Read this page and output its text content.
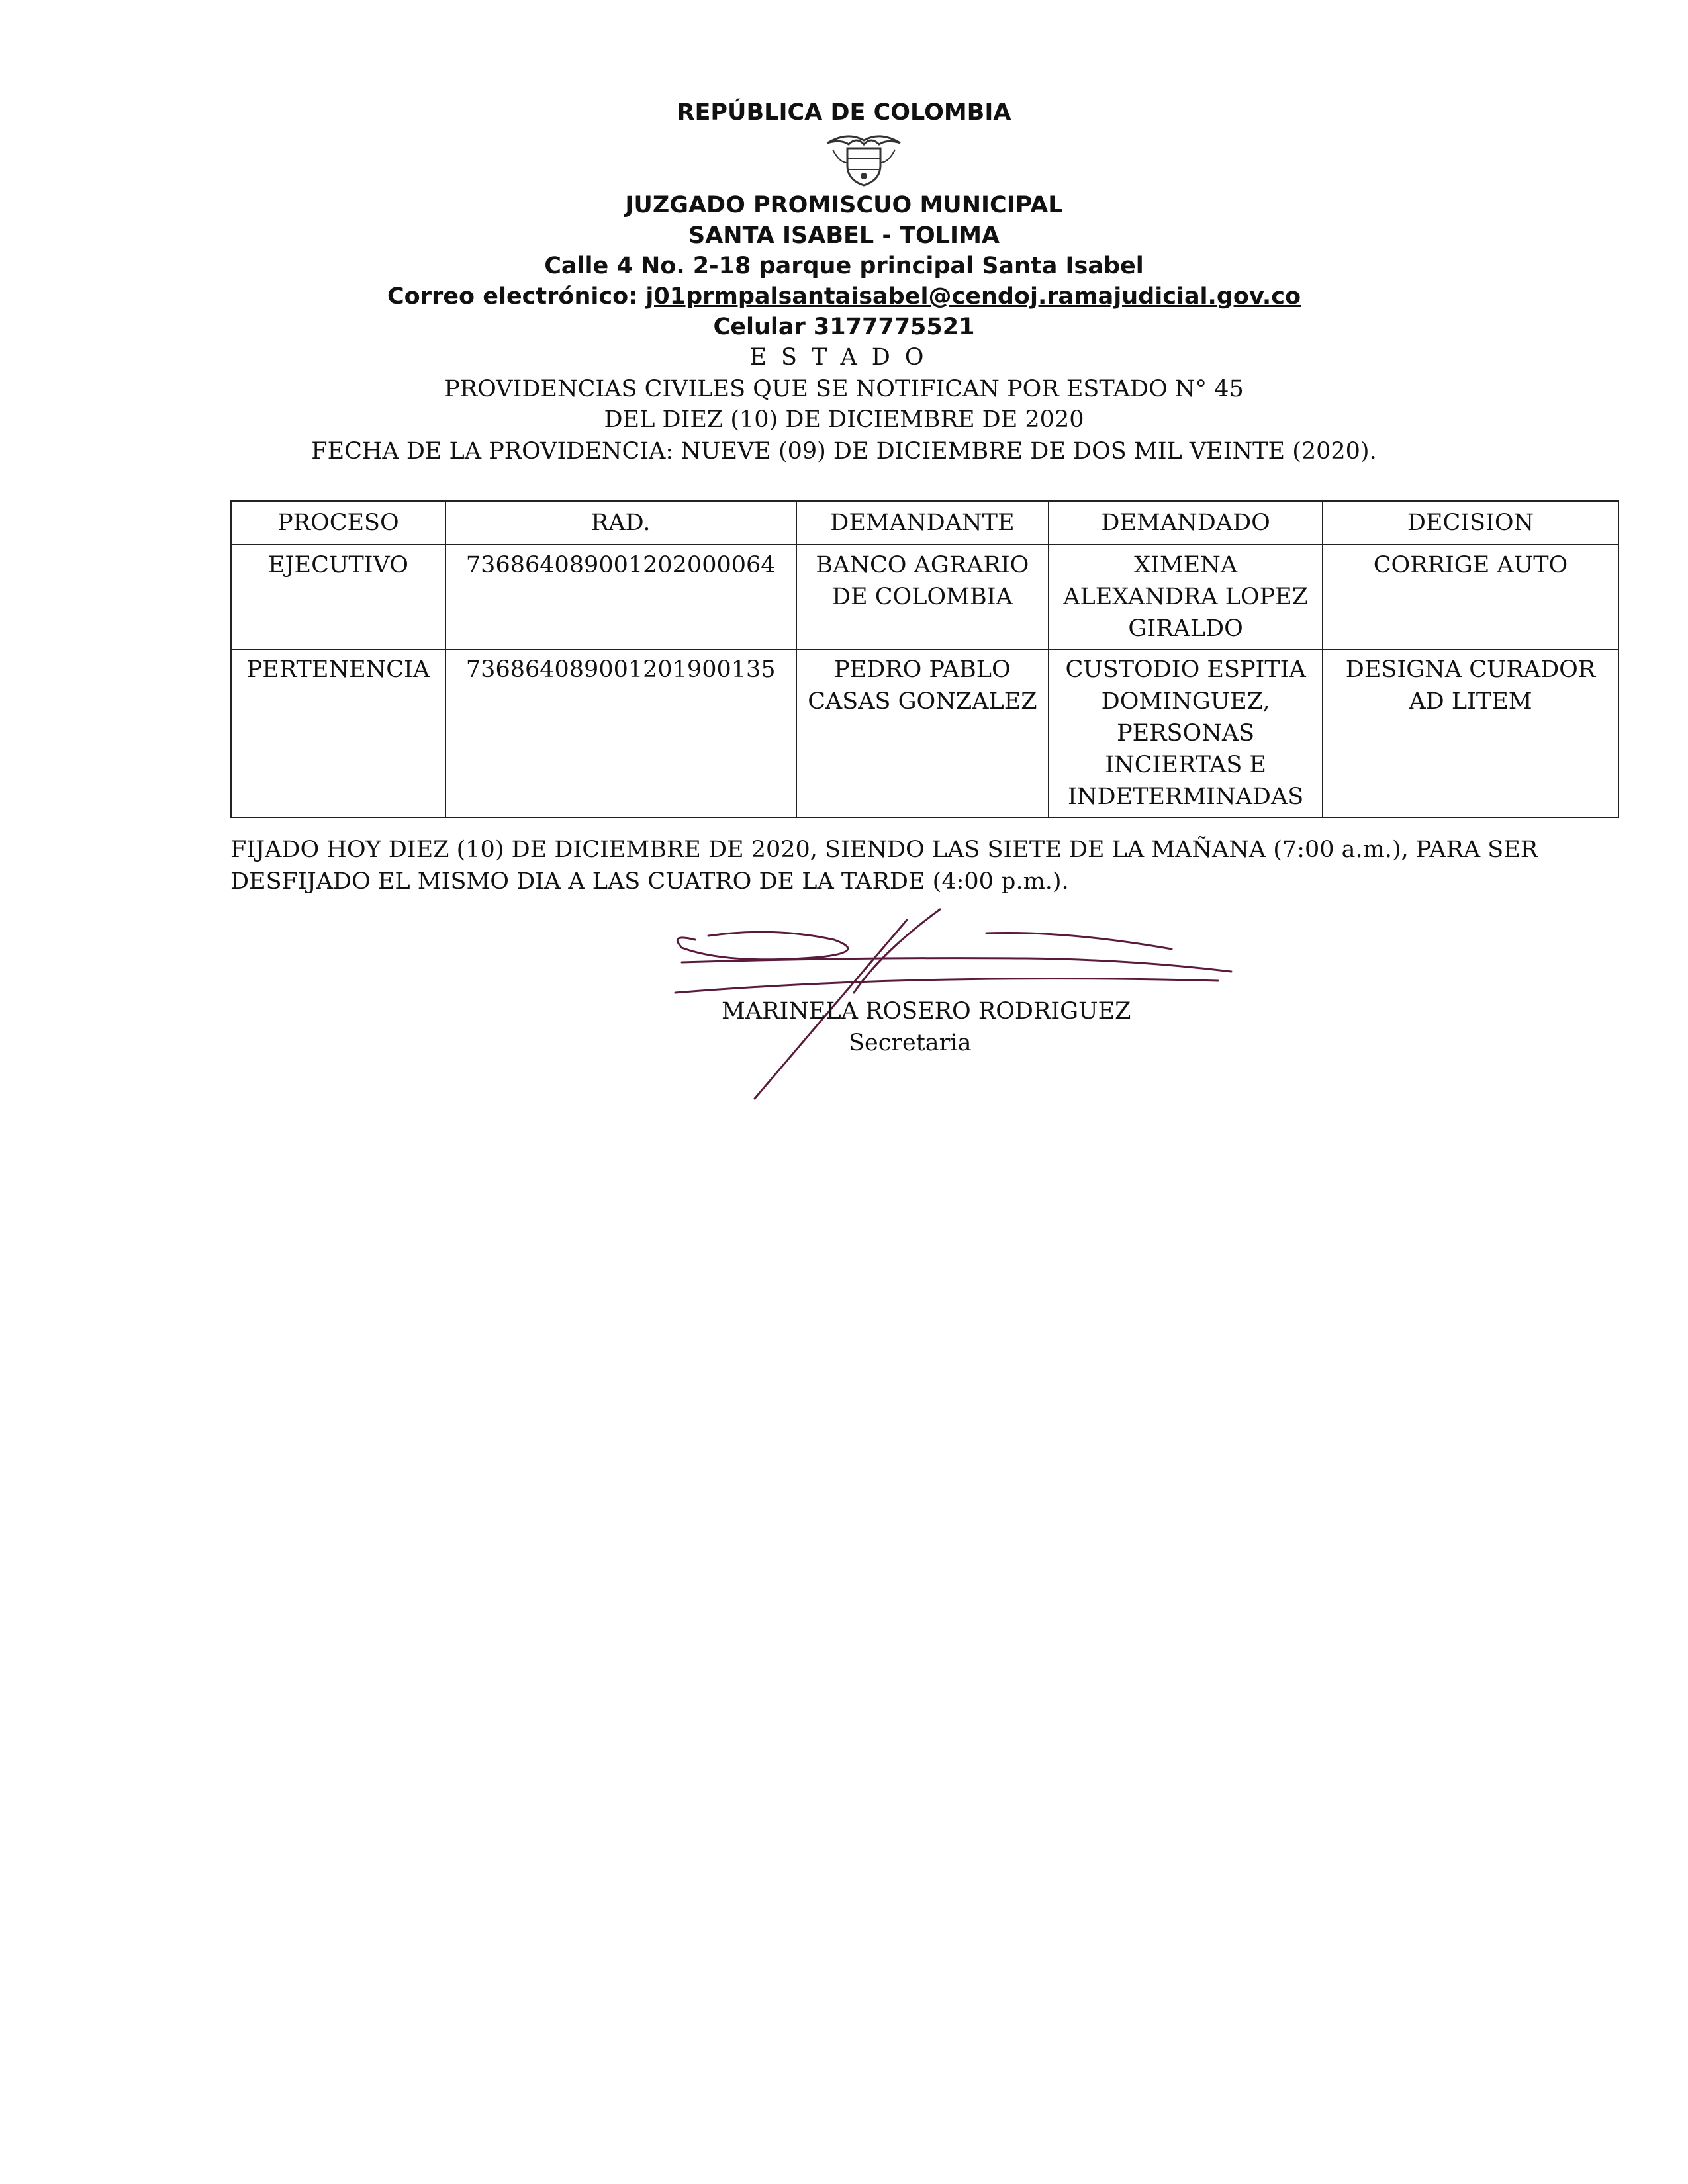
REPÚBLICA DE COLOMBIA
JUZGADO PROMISCUO MUNICIPAL
SANTA ISABEL - TOLIMA
Calle 4 No. 2-18 parque principal Santa Isabel
Correo electrónico: j01prmpalsantaisabel@cendoj.ramajudicial.gov.co
Celular 3177775521
ESTADO
PROVIDENCIAS CIVILES QUE SE NOTIFICAN POR ESTADO N° 45
DEL DIEZ (10) DE DICIEMBRE DE 2020
FECHA DE LA PROVIDENCIA: NUEVE (09) DE DICIEMBRE DE DOS MIL VEINTE (2020).
PROCESO	RAD.	DEMANDANTE	DEMANDADO	DECISION
EJECUTIVO	73686408900120200006​4	BANCO AGRARIO DE COLOMBIA	XIMENA ALEXANDRA LOPEZ GIRALDO	CORRIGE AUTO
PERTENENCIA	73686408900120190013​5	PEDRO PABLO CASAS GONZALEZ	CUSTODIO ESPITIA DOMINGUEZ, PERSONAS INCIERTAS E INDETERMINADAS	DESIGNA CURADOR AD LITEM
FIJADO HOY DIEZ (10) DE DICIEMBRE DE 2020, SIENDO LAS SIETE DE LA MAÑANA (7:00 a.m.), PARA SER DESFIJADO EL MISMO DIA A LAS CUATRO DE LA TARDE (4:00 p.m.).
MARINELA ROSERO RODRIGUEZ
Secretaria
